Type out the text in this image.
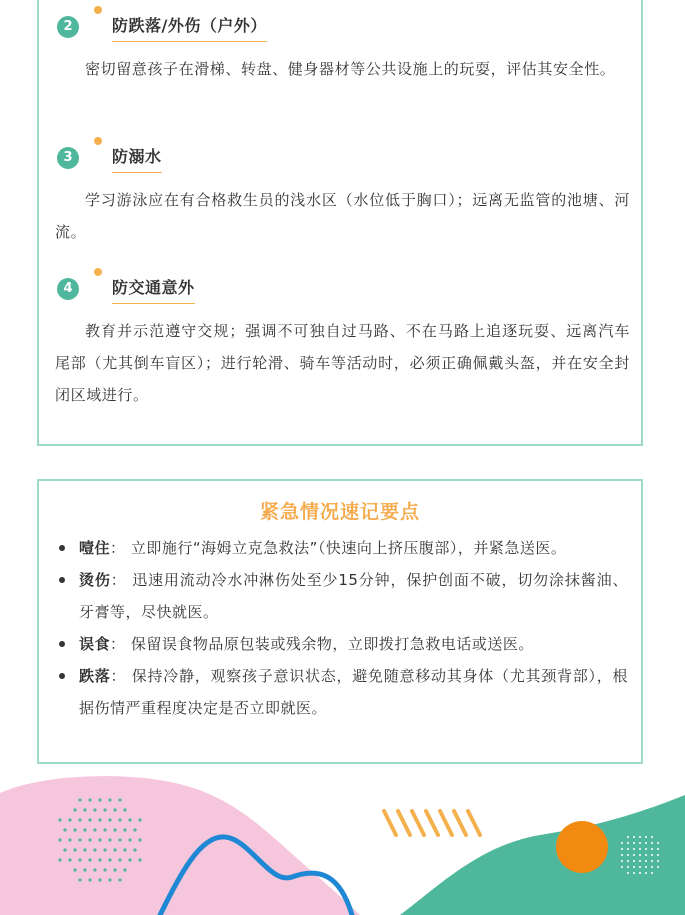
2	防跌落/外伤（户外）

密切留意孩子在滑梯、转盘、健身器材等公共设施上的玩耍，评估其安全性。

3	防溺水

学习游泳应在有合格救生员的浅水区（水位低于胸口）；远离无监管的池塘、河流。

4	防交通意外

教育并示范遵守交规；强调不可独自过马路、不在马路上追逐玩耍、远离汽车尾部（尤其倒车盲区）；进行轮滑、骑车等活动时，必须正确佩戴头盔，并在安全封闭区域进行。

紧急情况速记要点
噎住： 立即施行“海姆立克急救法”（快速向上挤压腹部），并紧急送医。
烫伤： 迅速用流动冷水冲淋伤处至少15分钟，保护创面不破，切勿涂抹酱油、牙膏等，尽快就医。
误食： 保留误食物品原包装或残余物，立即拨打急救电话或送医。
跌落： 保持冷静，观察孩子意识状态，避免随意移动其身体（尤其颈背部），根据伤情严重程度决定是否立即就医。
